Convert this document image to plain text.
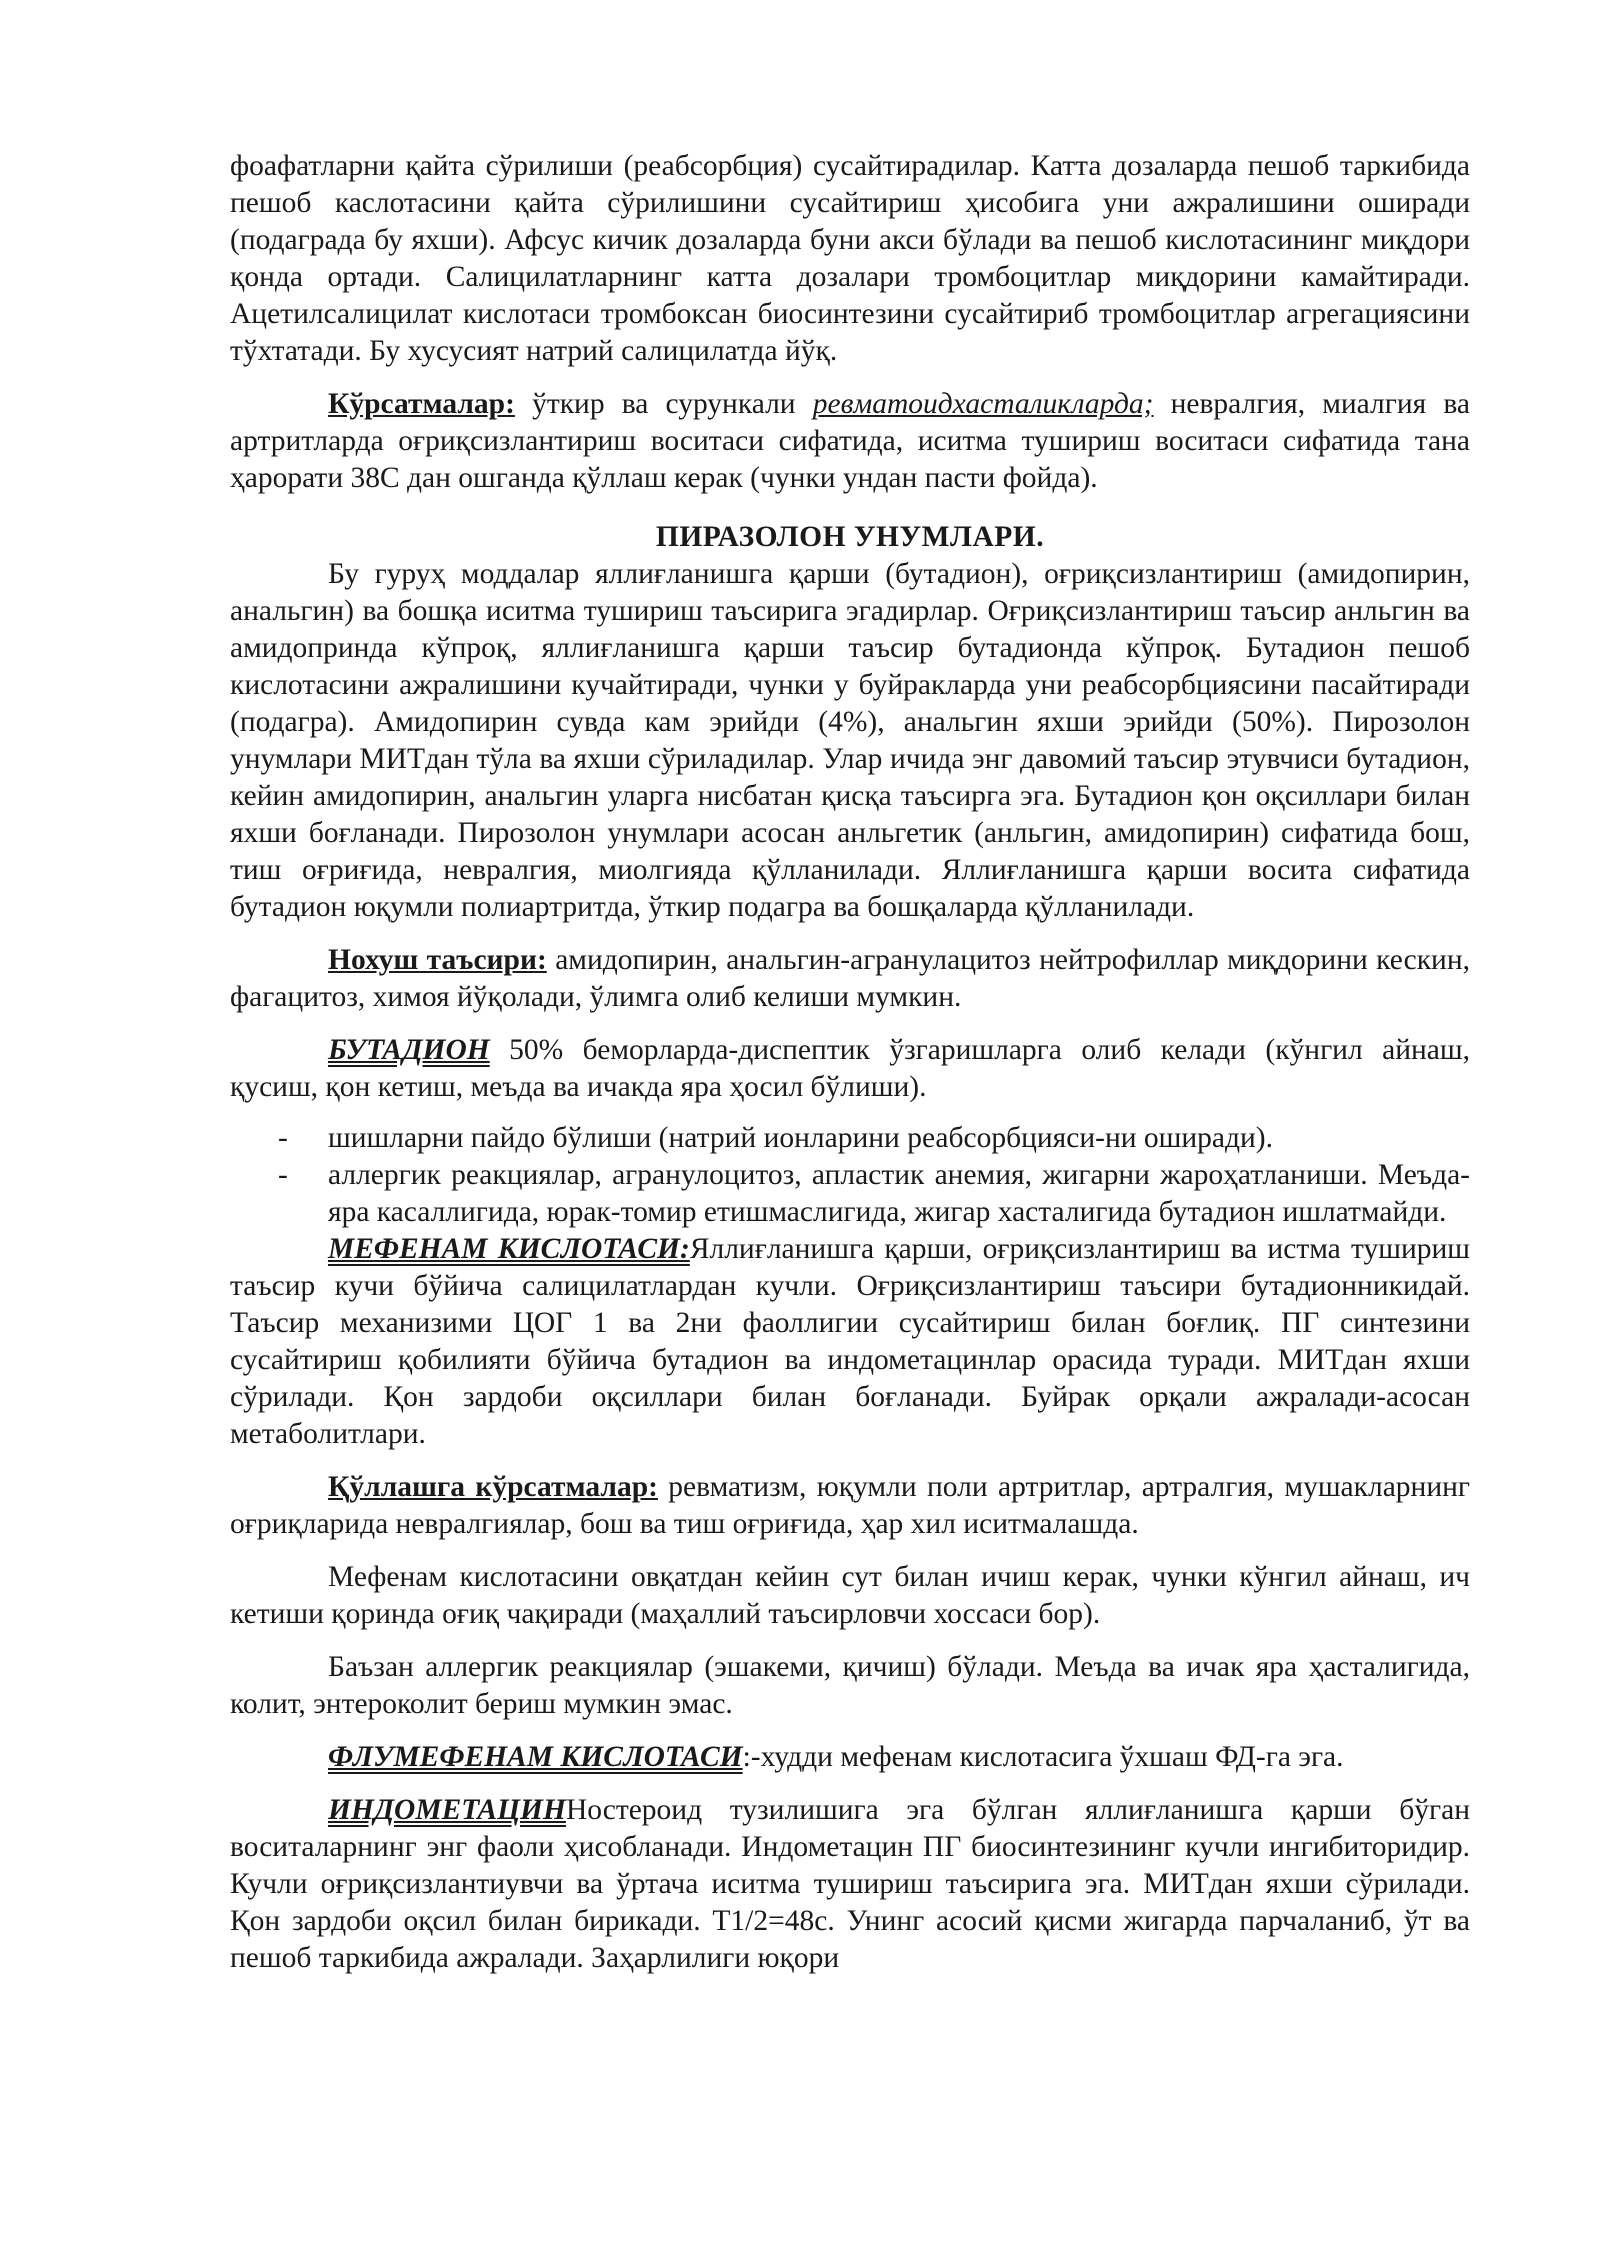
фоафатларни қайта сўрилиши (реабсорбция) сусайтирадилар. Катта дозаларда пешоб таркибида пешоб каслотасини қайта сўрилишини сусайтириш ҳисобига уни ажралишини оширади (подаграда бу яхши). Афсус кичик дозаларда буни акси бўлади ва пешоб кислотасининг миқдори қонда ортади. Салицилатларнинг катта дозалари тромбоцитлар миқдорини камайтиради. Ацетилсалицилат кислотаси тромбоксан биосинтезини сусайтириб тромбоцитлар агрегациясини тўхтатади. Бу хусусият натрий салицилатда йўқ.

Кўрсатмалар: ўткир ва сурункали ревматоидхасталикларда; невралгия, миалгия ва артритларда оғриқсизлантириш воситаси сифатида, иситма тушириш воситаси сифатида тана ҳарорати 38С дан ошганда қўллаш керак (чунки ундан пасти фойда).

ПИРАЗОЛОН УНУМЛАРИ.

Бу гуруҳ моддалар яллиғланишга қарши (бутадион), оғриқсизлантириш (амидопирин, анальгин) ва бошқа иситма тушириш таъсирига эгадирлар. Оғриқсизлантириш таъсир анльгин ва амидопринда кўпроқ, яллиғланишга қарши таъсир бутадионда кўпроқ. Бутадион пешоб кислотасини ажралишини кучайтиради, чунки у буйракларда уни реабсорбциясини пасайтиради (подагра). Амидопирин сувда кам эрийди (4%), анальгин яхши эрийди (50%). Пирозолон унумлари МИТдан тўла ва яхши сўриладилар. Улар ичида энг давомий таъсир этувчиси бутадион, кейин амидопирин, анальгин уларга нисбатан қисқа таъсирга эга. Бутадион қон оқсиллари билан яхши боғланади. Пирозолон унумлари асосан анльгетик (анльгин, амидопирин) сифатида бош, тиш оғриғида, невралгия, миолгияда қўлланилади. Яллиғланишга қарши восита сифатида бутадион юқумли полиартритда, ўткир подагра ва бошқаларда қўлланилади.

Нохуш таъсири: амидопирин, анальгин-агранулацитоз нейтрофиллар миқдорини кескин, фагацитоз, химоя йўқолади, ўлимга олиб келиши мумкин.

БУТАДИОН 50% беморларда-диспептик ўзгаришларга олиб келади (кўнгил айнаш, қусиш, қон кетиш, меъда ва ичакда яра ҳосил бўлиши).

- шишларни пайдо бўлиши (натрий ионларини реабсорбцияси-ни оширади).
- аллергик реакциялар, агранулоцитоз, апластик анемия, жигарни жароҳатланиши. Меъда-яра касаллигида, юрак-томир етишмаслигида, жигар хасталигида бутадион ишлатмайди.

МЕФЕНАМ КИСЛОТАСИ:Яллиғланишга қарши, оғриқсизлантириш ва истма тушириш таъсир кучи бўйича салицилатлардан кучли. Оғриқсизлантириш таъсири бутадионникидай. Таъсир механизими ЦОГ 1 ва 2ни фаоллигии сусайтириш билан боғлиқ. ПГ синтезини сусайтириш қобилияти бўйича бутадион ва индометацинлар орасида туради. МИТдан яхши сўрилади. Қон зардоби оқсиллари билан боғланади. Буйрак орқали ажралади-асосан метаболитлари.

Қўллашга кўрсатмалар: ревматизм, юқумли поли артритлар, артралгия, мушакларнинг оғриқларида невралгиялар, бош ва тиш оғриғида, ҳар хил иситмалашда.

Мефенам кислотасини овқатдан кейин сут билан ичиш керак, чунки кўнгил айнаш, ич кетиши қоринда оғиқ чақиради (маҳаллий таъсирловчи хоссаси бор).

Баъзан аллергик реакциялар (эшакеми, қичиш) бўлади. Меъда ва ичак яра ҳасталигида, колит, энтероколит бериш мумкин эмас.

ФЛУМЕФЕНАМ КИСЛОТАСИ:-худди мефенам кислотасига ўхшаш ФД-га эга.

ИНДОМЕТАЦИННостероид тузилишига эга бўлган яллиғланишга қарши бўган воситаларнинг энг фаоли ҳисобланади. Индометацин ПГ биосинтезининг кучли ингибиторидир. Кучли оғриқсизлантиувчи ва ўртача иситма тушириш таъсирига эга. МИТдан яхши сўрилади. Қон зардоби оқсил билан бирикади. Т1/2=48с. Унинг асосий қисми жигарда парчаланиб, ўт ва пешоб таркибида ажралади. Заҳарлилиги юқори
